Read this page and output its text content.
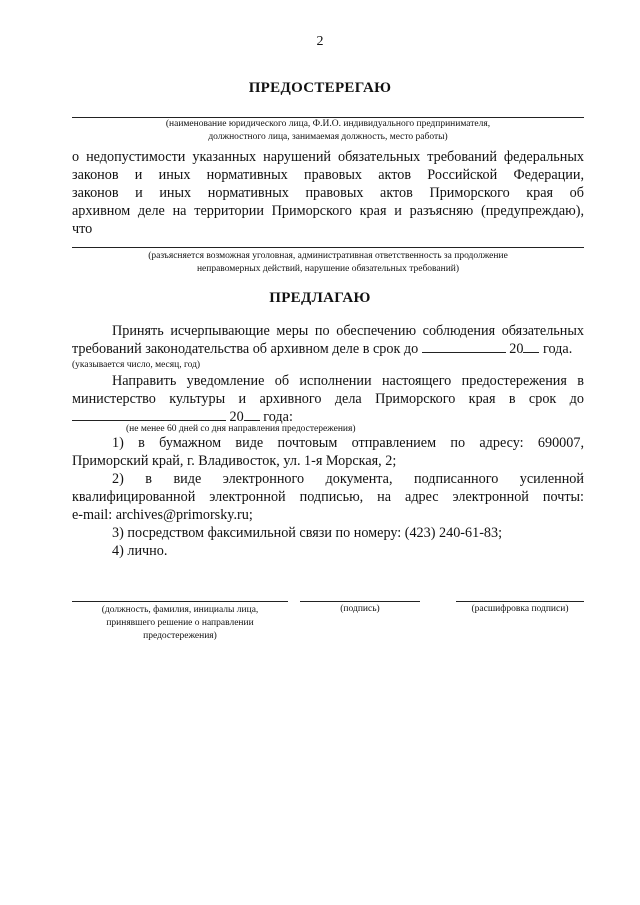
2
ПРЕДОСТЕРЕГАЮ
(наименование юридического лица, Ф.И.О. индивидуального предпринимателя,
должностного лица, занимаемая должность, место работы)
о недопустимости указанных нарушений обязательных требований федеральных
законов и иных нормативных правовых актов Российской Федерации,
законов и иных нормативных правовых актов Приморского края об
архивном деле на территории Приморского края и разъясняю (предупреждаю),
что
(разъясняется возможная уголовная, административная ответственность за продолжение
неправомерных действий, нарушение обязательных требований)
ПРЕДЛАГАЮ
Принять исчерпывающие меры по обеспечению соблюдения обязательных
требований законодательства об архивном деле в срок до	20 года.
(указывается число, месяц, год)
Направить уведомление об исполнении настоящего предостережения в
министерство культуры и архивного дела Приморского края в срок до
20 года:
(не менее 60 дней со дня направления предостережения)
1) в бумажном виде почтовым отправлением по адресу: 690007,
Приморский край, г. Владивосток, ул. 1-я Морская, 2;
2) в виде электронного документа, подписанного усиленной
квалифицированной электронной подписью, на адрес электронной почты:
e-mail: archives@primorsky.ru;
3) посредством факсимильной связи по номеру: (423) 240-61-83;
4) лично.
(должность, фамилия, инициалы лица,
принявшего решение о направлении
предостережения)
(подпись)	(расшифровка подписи)
